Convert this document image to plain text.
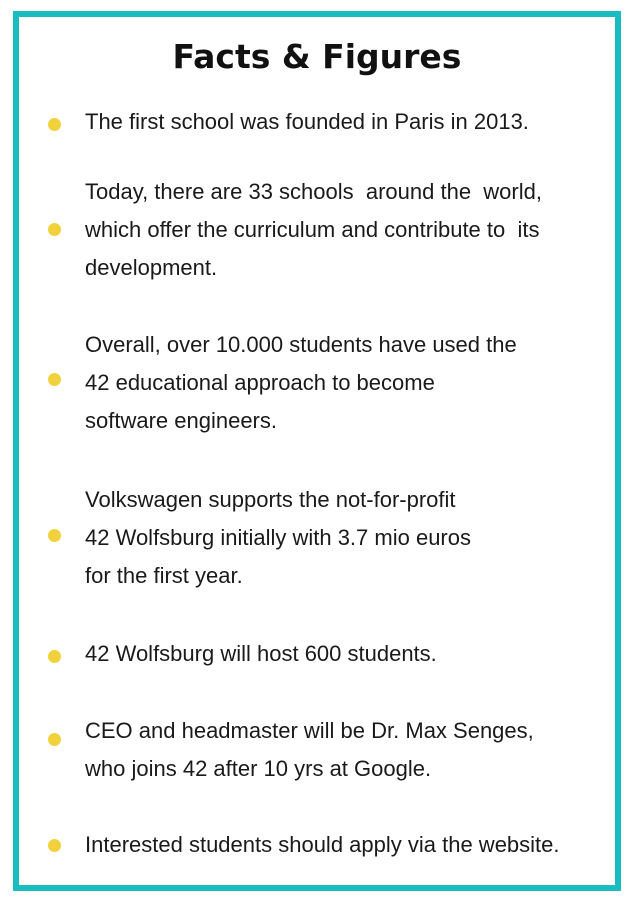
Facts & Figures
The first school was founded in Paris in 2013.
Today, there are 33 schools  around the  world,
which offer the curriculum and contribute to  its
development.
Overall, over 10.000 students have used the
42 educational approach to become
software engineers.
Volkswagen supports the not-for-profit
42 Wolfsburg initially with 3.7 mio euros
for the first year.
42 Wolfsburg will host 600 students.
CEO and headmaster will be Dr. Max Senges,
who joins 42 after 10 yrs at Google.
Interested students should apply via the website.
